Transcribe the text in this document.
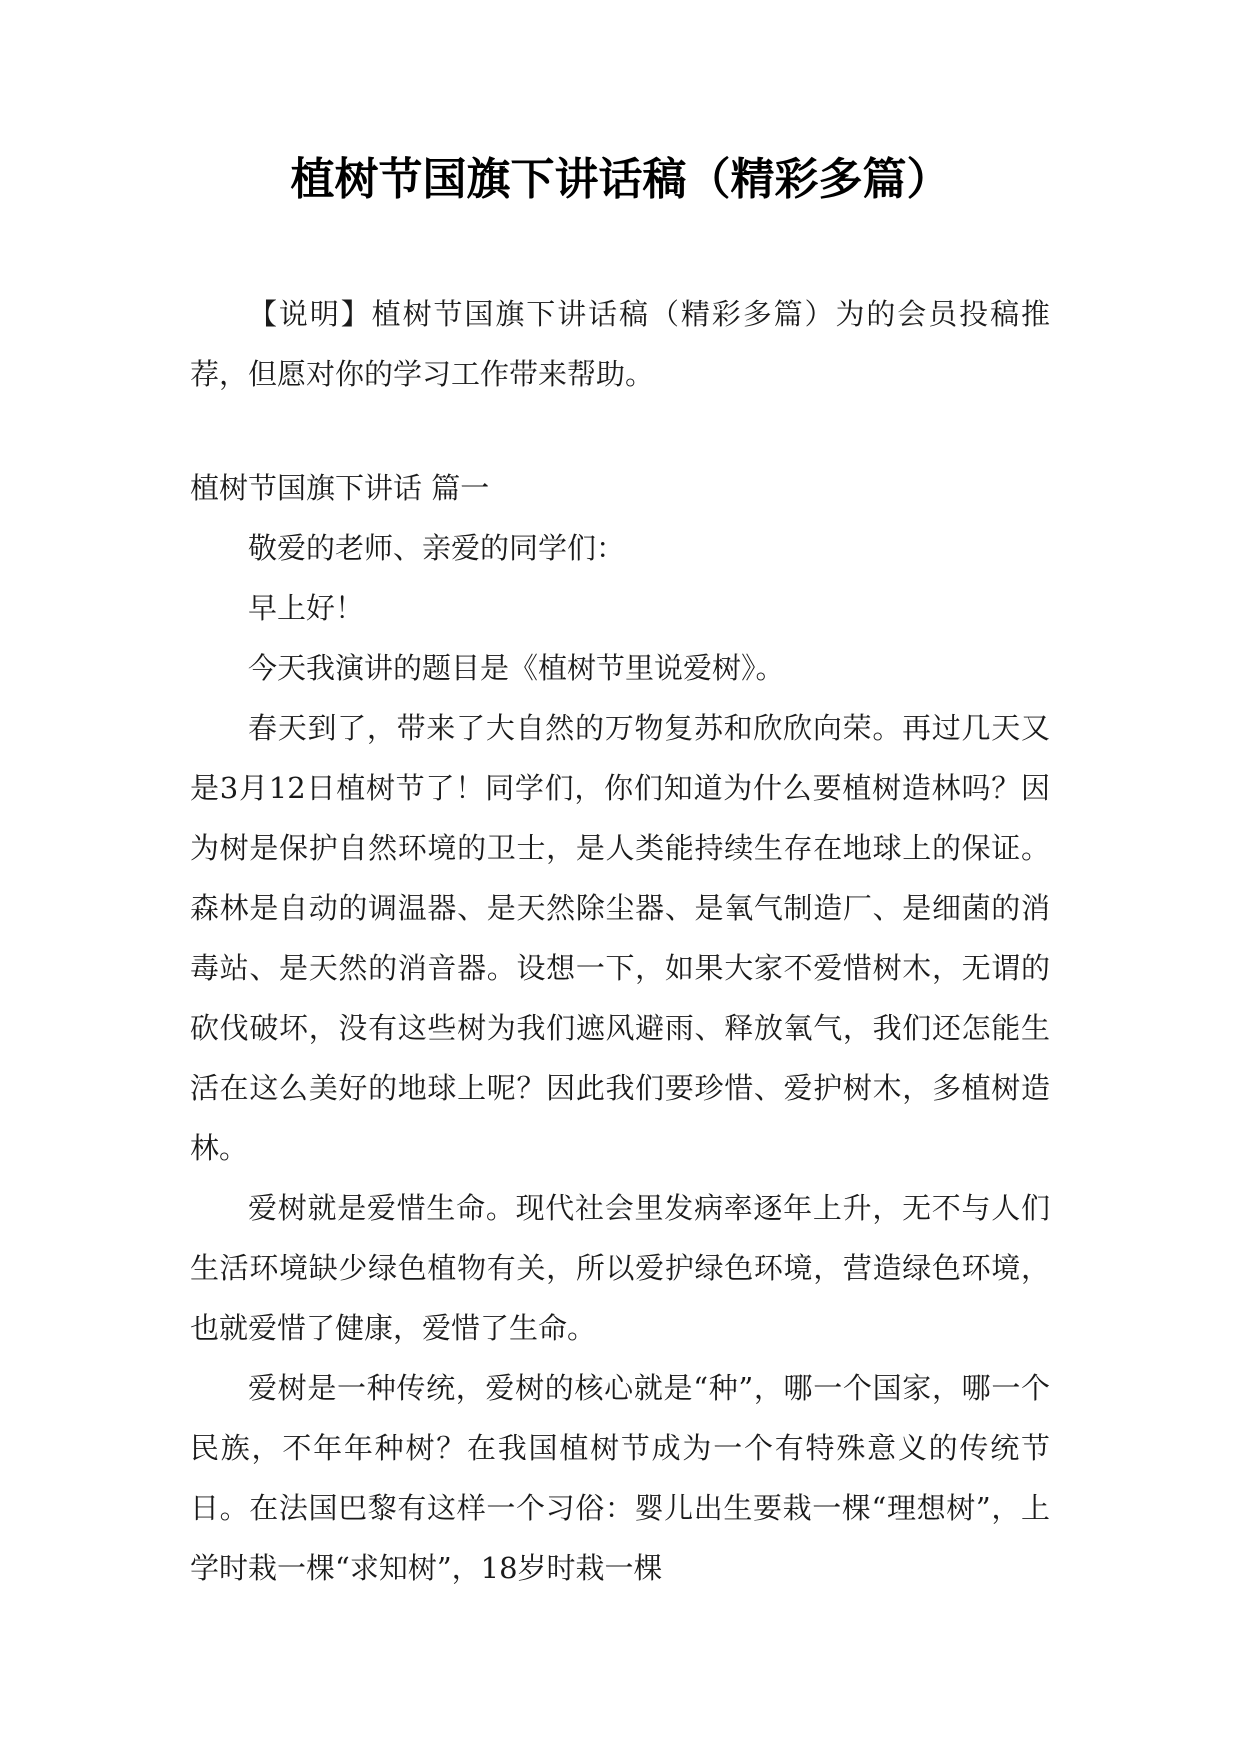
植树节国旗下讲话稿（精彩多篇）

【说明】植树节国旗下讲话稿（精彩多篇）为的会员投稿推荐，但愿对你的学习工作带来帮助。

植树节国旗下讲话 篇一

敬爱的老师、亲爱的同学们：

早上好！

今天我演讲的题目是《植树节里说爱树》。

春天到了，带来了大自然的万物复苏和欣欣向荣。再过几天又是3月12日植树节了！同学们，你们知道为什么要植树造林吗？因为树是保护自然环境的卫士，是人类能持续生存在地球上的保证。森林是自动的调温器、是天然除尘器、是氧气制造厂、是细菌的消毒站、是天然的消音器。设想一下，如果大家不爱惜树木，无谓的砍伐破坏，没有这些树为我们遮风避雨、释放氧气，我们还怎能生活在这么美好的地球上呢？因此我们要珍惜、爱护树木，多植树造林。

爱树就是爱惜生命。现代社会里发病率逐年上升，无不与人们生活环境缺少绿色植物有关，所以爱护绿色环境，营造绿色环境，也就爱惜了健康，爱惜了生命。

爱树是一种传统，爱树的核心就是“种”，哪一个国家，哪一个民族，不年年种树？在我国植树节成为一个有特殊意义的传统节日。在法国巴黎有这样一个习俗：婴儿出生要栽一棵“理想树”，上学时栽一棵“求知树”，18岁时栽一棵
